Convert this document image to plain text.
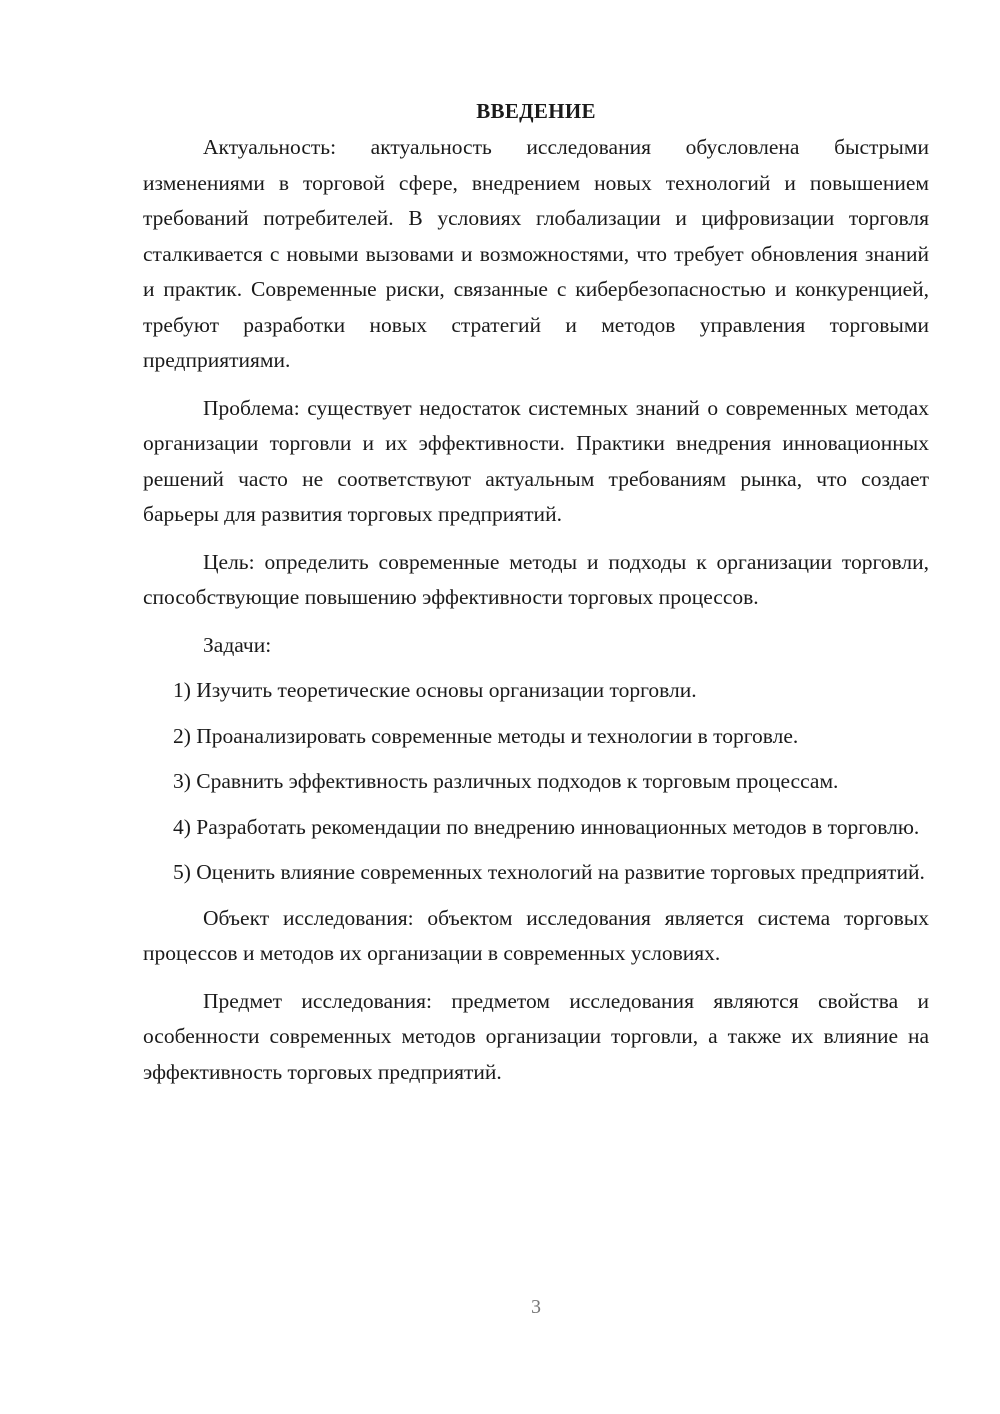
ВВЕДЕНИЕ

Актуальность: актуальность исследования обусловлена быстрыми изменениями в торговой сфере, внедрением новых технологий и повышением требований потребителей. В условиях глобализации и цифровизации торговля сталкивается с новыми вызовами и возможностями, что требует обновления знаний и практик. Современные риски, связанные с кибербезопасностью и конкуренцией, требуют разработки новых стратегий и методов управления торговыми предприятиями.

Проблема: существует недостаток системных знаний о современных методах организации торговли и их эффективности. Практики внедрения инновационных решений часто не соответствуют актуальным требованиям рынка, что создает барьеры для развития торговых предприятий.

Цель: определить современные методы и подходы к организации торговли, способствующие повышению эффективности торговых процессов.

Задачи:

1) Изучить теоретические основы организации торговли.

2) Проанализировать современные методы и технологии в торговле.

3) Сравнить эффективность различных подходов к торговым процессам.

4) Разработать рекомендации по внедрению инновационных методов в торговлю.

5) Оценить влияние современных технологий на развитие торговых предприятий.

Объект исследования: объектом исследования является система торговых процессов и методов их организации в современных условиях.

Предмет исследования: предметом исследования являются свойства и особенности современных методов организации торговли, а также их влияние на эффективность торговых предприятий.

3
